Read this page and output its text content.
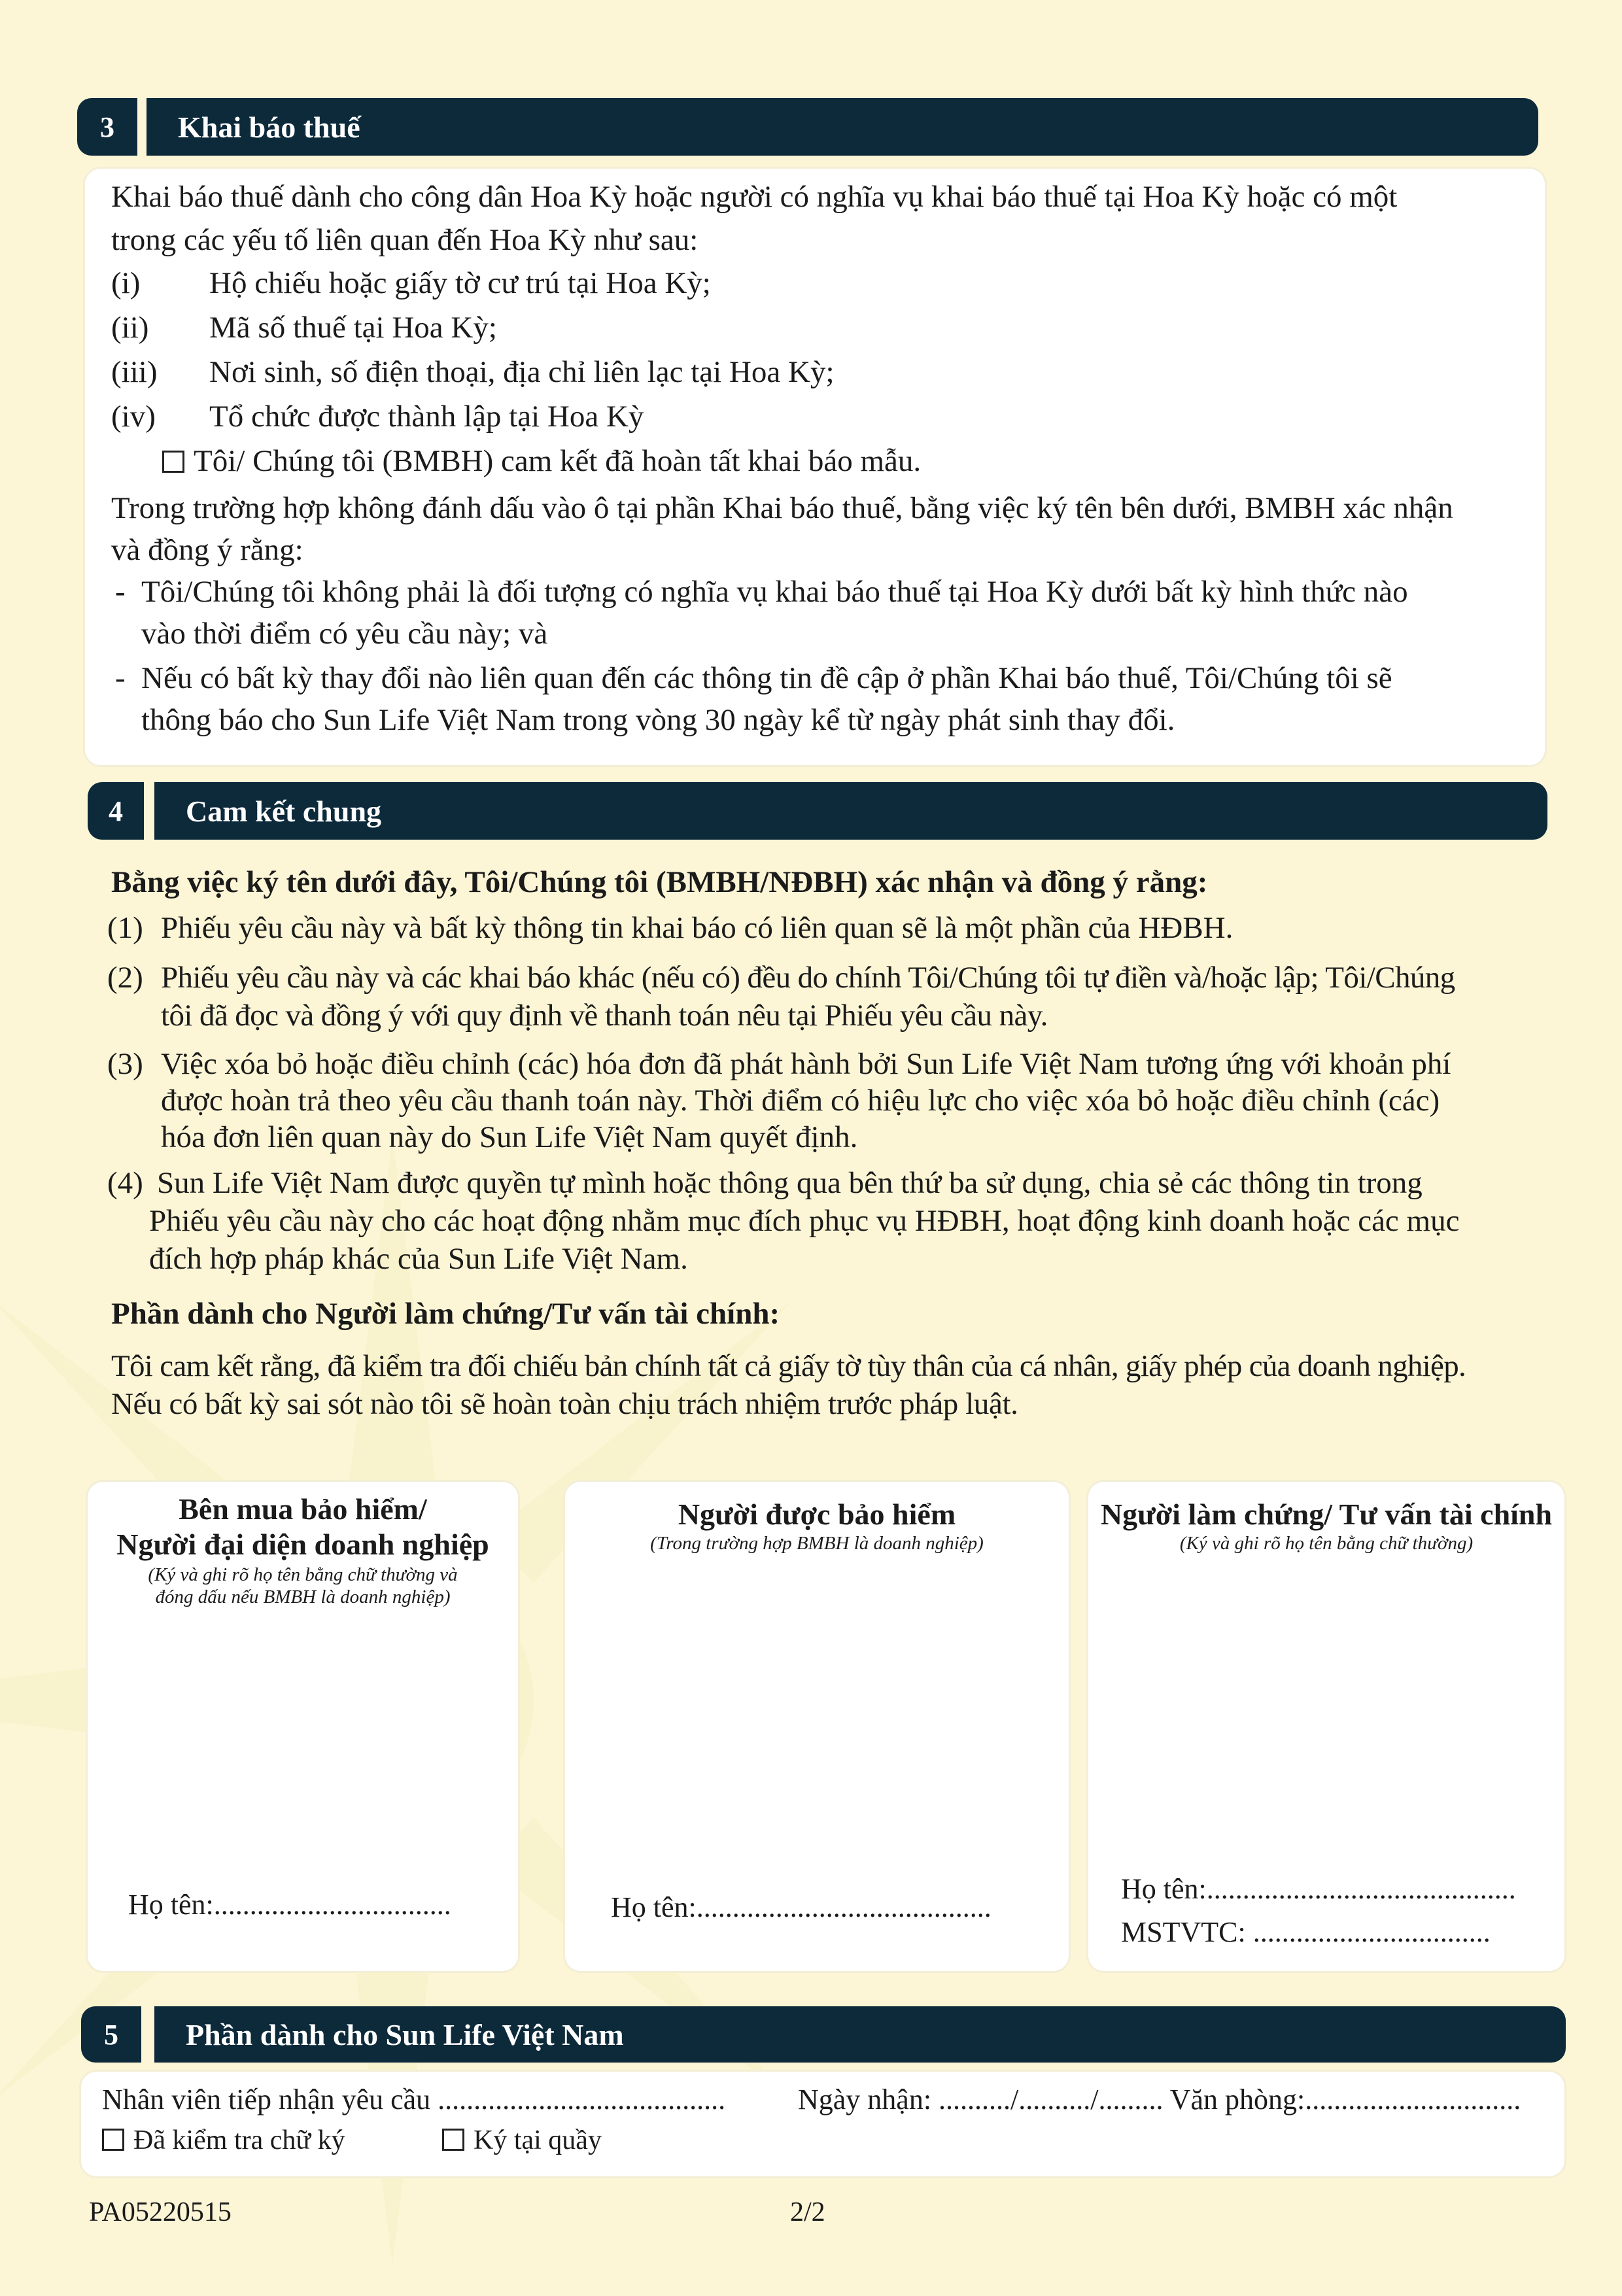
3	Khai báo thuế
Khai báo thuế dành cho công dân Hoa Kỳ hoặc người có nghĩa vụ khai báo thuế tại Hoa Kỳ hoặc có một
trong các yếu tố liên quan đến Hoa Kỳ như sau:
(i) Hộ chiếu hoặc giấy tờ cư trú tại Hoa Kỳ;
(ii) Mã số thuế tại Hoa Kỳ;
(iii) Nơi sinh, số điện thoại, địa chỉ liên lạc tại Hoa Kỳ;
(iv) Tổ chức được thành lập tại Hoa Kỳ
Tôi/ Chúng tôi (BMBH) cam kết đã hoàn tất khai báo mẫu.
Trong trường hợp không đánh dấu vào ô tại phần Khai báo thuế, bằng việc ký tên bên dưới, BMBH xác nhận
và đồng ý rằng:
- Tôi/Chúng tôi không phải là đối tượng có nghĩa vụ khai báo thuế tại Hoa Kỳ dưới bất kỳ hình thức nào
vào thời điểm có yêu cầu này; và
- Nếu có bất kỳ thay đổi nào liên quan đến các thông tin đề cập ở phần Khai báo thuế, Tôi/Chúng tôi sẽ
thông báo cho Sun Life Việt Nam trong vòng 30 ngày kể từ ngày phát sinh thay đổi.
4	Cam kết chung
Bằng việc ký tên dưới đây, Tôi/Chúng tôi (BMBH/NĐBH) xác nhận và đồng ý rằng:
(1) Phiếu yêu cầu này và bất kỳ thông tin khai báo có liên quan sẽ là một phần của HĐBH.
(2) Phiếu yêu cầu này và các khai báo khác (nếu có) đều do chính Tôi/Chúng tôi tự điền và/hoặc lập; Tôi/Chúng
tôi đã đọc và đồng ý với quy định về thanh toán nêu tại Phiếu yêu cầu này.
(3) Việc xóa bỏ hoặc điều chỉnh (các) hóa đơn đã phát hành bởi Sun Life Việt Nam tương ứng với khoản phí
được hoàn trả theo yêu cầu thanh toán này. Thời điểm có hiệu lực cho việc xóa bỏ hoặc điều chỉnh (các)
hóa đơn liên quan này do Sun Life Việt Nam quyết định.
(4) Sun Life Việt Nam được quyền tự mình hoặc thông qua bên thứ ba sử dụng, chia sẻ các thông tin trong
Phiếu yêu cầu này cho các hoạt động nhằm mục đích phục vụ HĐBH, hoạt động kinh doanh hoặc các mục
đích hợp pháp khác của Sun Life Việt Nam.
Phần dành cho Người làm chứng/Tư vấn tài chính:
Tôi cam kết rằng, đã kiểm tra đối chiếu bản chính tất cả giấy tờ tùy thân của cá nhân, giấy phép của doanh nghiệp.
Nếu có bất kỳ sai sót nào tôi sẽ hoàn toàn chịu trách nhiệm trước pháp luật.
Bên mua bảo hiểm/
Người đại diện doanh nghiệp
(Ký và ghi rõ họ tên bằng chữ thường và
đóng dấu nếu BMBH là doanh nghiệp)
Họ tên:.................................
Người được bảo hiểm
(Trong trường hợp BMBH là doanh nghiệp)
Họ tên:.........................................
Người làm chứng/ Tư vấn tài chính
(Ký và ghi rõ họ tên bằng chữ thường)
Họ tên:...........................................
MSTVTC: .................................
5	Phần dành cho Sun Life Việt Nam
Nhân viên tiếp nhận yêu cầu ........................................	Ngày nhận: ........../........../......... Văn phòng:..............................
Đã kiểm tra chữ ký	Ký tại quầy
PA05220515	2/2
